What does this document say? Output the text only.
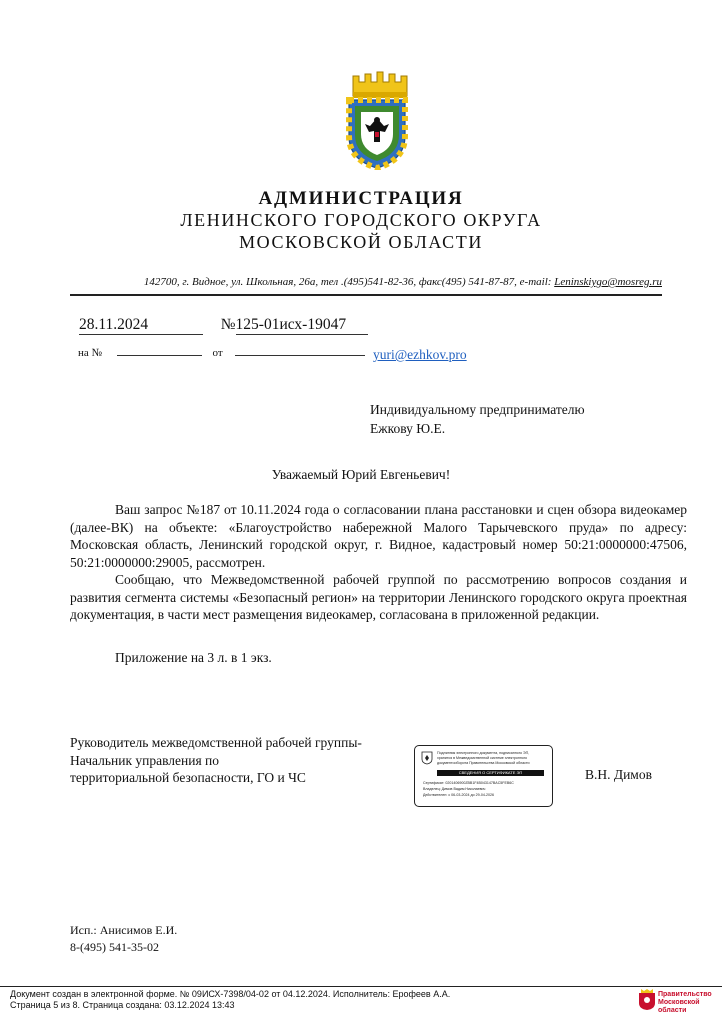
АДМИНИСТРАЦИЯ
ЛЕНИНСКОГО ГОРОДСКОГО ОКРУГА
МОСКОВСКОЙ ОБЛАСТИ
142700, г. Видное, ул. Школьная, 26а, тел .(495)541-82-36, факс(495) 541-87-87, e-mail: Leninskiygo@mosreg.ru
28.11.2024	№125-01исх-19047
на №	от	yuri@ezhkov.pro
Индивидуальному предпринимателю
Ежкову Ю.Е.
Уважаемый Юрий Евгеньевич!

Ваш запрос №187 от 10.11.2024 года о согласовании плана расстановки и сцен обзора видеокамер (далее-ВК) на объекте: «Благоустройство набережной Малого Тарычевского пруда» по адресу: Московская область, Ленинский городской округ, г. Видное, кадастровый номер 50:21:0000000:47506, 50:21:0000000:29005, рассмотрен.

Сообщаю, что Межведомственной рабочей группой по рассмотрению вопросов создания и развития сегмента системы «Безопасный регион» на территории Ленинского городского округа проектная документация, в части мест размещения видеокамер, согласована в приложенной редакции.

Приложение на 3 л. в 1 экз.
Руководитель межведомственной рабочей группы-
Начальник управления по
территориальной безопасности, ГО и ЧС
Подлинник электронного документа, подписанного ЭП,
хранится в Межведомственной системе электронного
документооборота Правительства Московской области
СВЕДЕНИЯ О СЕРТИФИКАТЕ ЭП
Сертификат: 0201406900ZBB1F4B043147BAC5FEB6C
Владелец: Димов Вадим Николаевич
Действителен: с 06-03-2024 до 29-04-2026
В.Н. Димов
Исп.: Анисимов Е.И.
8-(495) 541-35-02
Документ создан в электронной форме. № 09ИСХ-7398/04-02 от 04.12.2024. Исполнитель: Ерофеев А.А.
Страница 5 из 8. Страница создана: 03.12.2024 13:43
Правительство
Московской области
